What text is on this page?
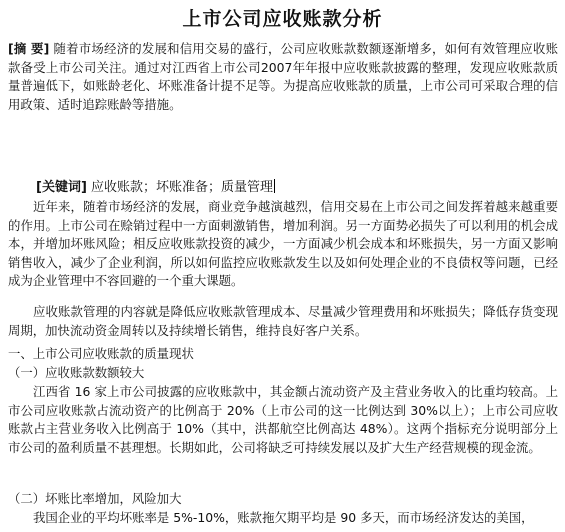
上市公司应收账款分析

[摘 要] 随着市场经济的发展和信用交易的盛行，公司应收账款数额逐渐增多，如何有效管理应收账款备受上市公司关注。通过对江西省上市公司2007年年报中应收账款披露的整理，发现应收账款质量普遍低下，如账龄老化、坏账准备计提不足等。为提高应收账款的质量，上市公司可采取合理的信用政策、适时追踪账龄等措施。

[关键词] 应收账款；坏账准备；质量管理

近年来，随着市场经济的发展，商业竞争越演越烈，信用交易在上市公司之间发挥着越来越重要的作用。上市公司在赊销过程中一方面刺激销售，增加利润。另一方面势必损失了可以利用的机会成本，并增加坏账风险；相反应收账款投资的减少，一方面减少机会成本和坏账损失，另一方面又影响销售收入，减少了企业利润，所以如何监控应收账款发生以及如何处理企业的不良债权等问题，已经成为企业管理中不容回避的一个重大课题。

应收账款管理的内容就是降低应收账款管理成本、尽量减少管理费用和坏账损失；降低存货变现周期，加快流动资金周转以及持续增长销售，维持良好客户关系。

一、上市公司应收账款的质量现状

（一）应收账款数额较大

江西省 16 家上市公司披露的应收账款中，其金额占流动资产及主营业务收入的比重均较高。上市公司应收账款占流动资产的比例高于 20%（上市公司的这一比例达到 30%以上）；上市公司应收账款占主营业务收入比例高于 10%（其中，洪都航空比例高达 48%）。这两个指标充分说明部分上市公司的盈利质量不甚理想。长期如此，公司将缺乏可持续发展以及扩大生产经营规模的现金流。

（二）坏账比率增加，风险加大

我国企业的平均坏账率是 5%-10%，账款拖欠期平均是 90 多天，而市场经济发达的美国，
